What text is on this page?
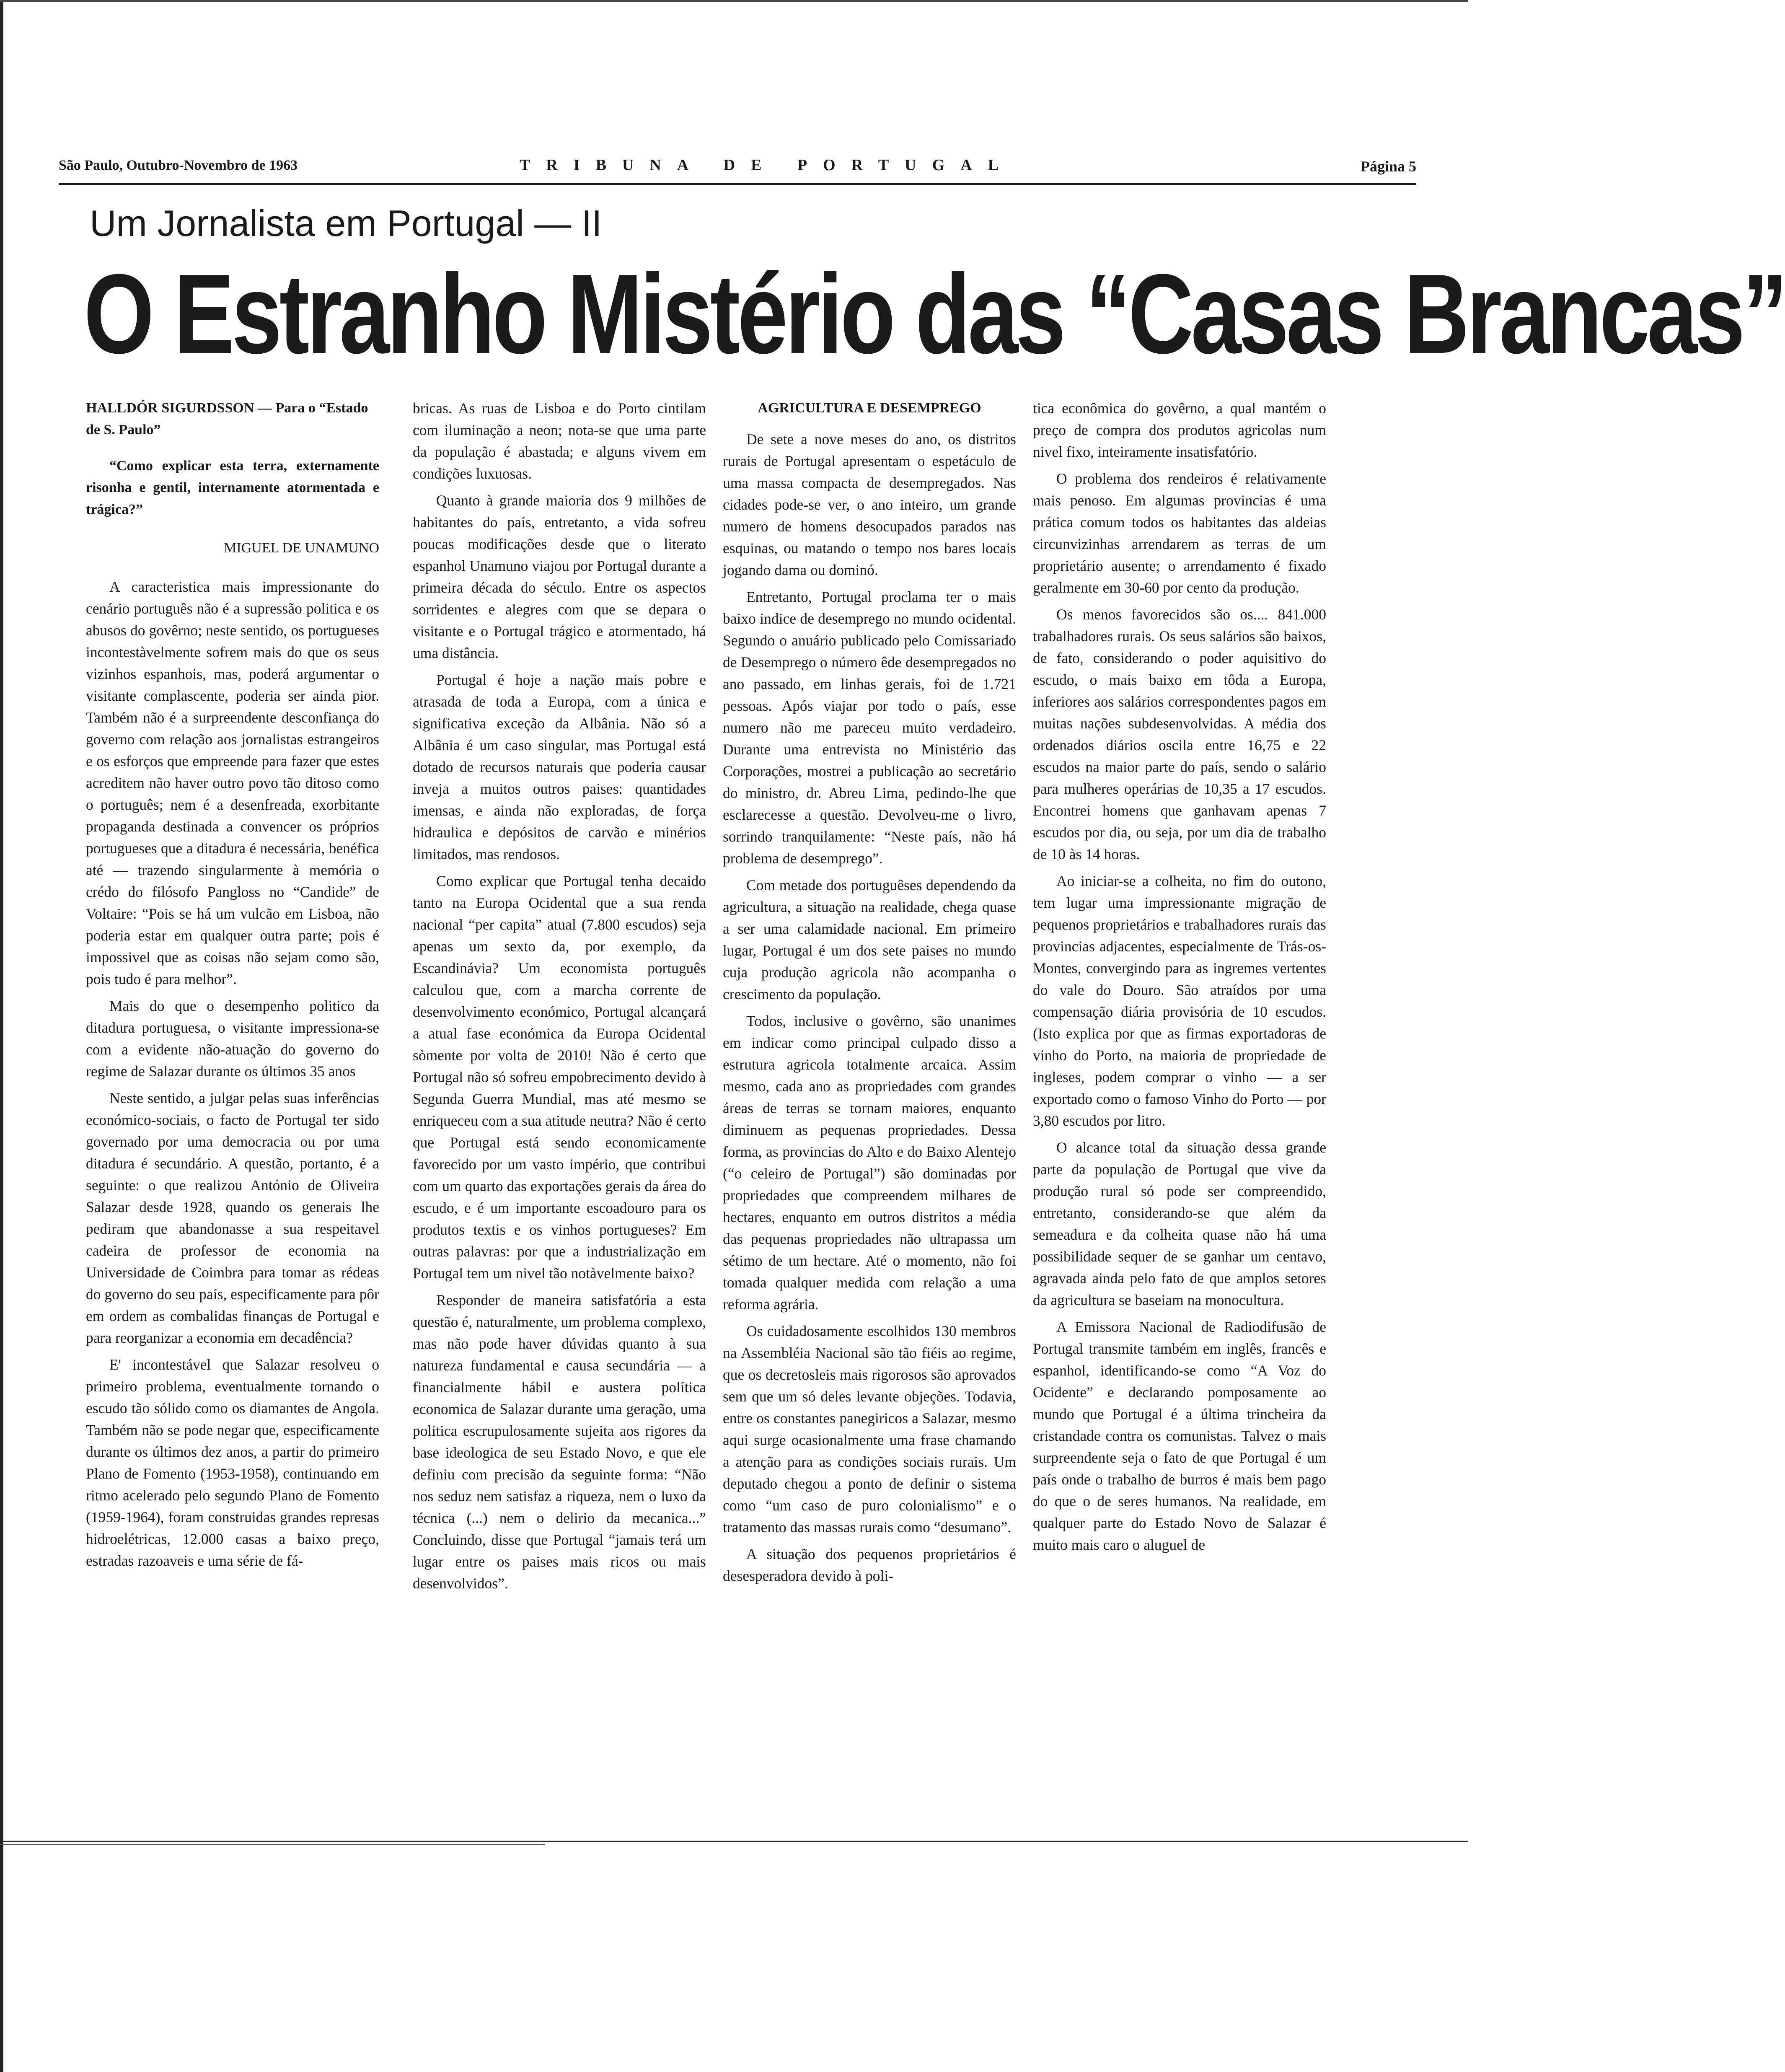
São Paulo, Outubro-Novembro de 1963	TRIBUNA DE PORTUGAL	Página 5
Um Jornalista em Portugal — II
O Estranho Mistério das “Casas Brancas”

HALLDÓR SIGURDSSON — Para o “Estado de S. Paulo”

“Como explicar esta terra, externamente risonha e gentil, internamente atormentada e trágica?”

MIGUEL DE UNAMUNO

A caracteristica mais impressionante do cenário português não é a supressão politica e os abusos do govêrno; neste sentido, os portugueses incontestàvelmente sofrem mais do que os seus vizinhos espanhois, mas, poderá argumentar o visitante complascente, poderia ser ainda pior. Também não é a surpreendente desconfiança do governo com relação aos jornalistas estrangeiros e os esforços que empreende para fazer que estes acreditem não haver outro povo tão ditoso como o português; nem é a desenfreada, exorbitante propaganda destinada a convencer os próprios portugueses que a ditadura é necessária, benéfica até — trazendo singularmente à memória o crédo do filósofo Pangloss no “Candide” de Voltaire: “Pois se há um vulcão em Lisboa, não poderia estar em qualquer outra parte; pois é impossivel que as coisas não sejam como são, pois tudo é para melhor”.

Mais do que o desempenho politico da ditadura portuguesa, o visitante impressiona-se com a evidente não-atuação do governo do regime de Salazar durante os últimos 35 anos

Neste sentido, a julgar pelas suas inferências económico-sociais, o facto de Portugal ter sido governado por uma democracia ou por uma ditadura é secundário. A questão, portanto, é a seguinte: o que realizou António de Oliveira Salazar desde 1928, quando os generais lhe pediram que abandonasse a sua respeitavel cadeira de professor de economia na Universidade de Coimbra para tomar as rédeas do governo do seu país, especificamente para pôr em ordem as combalidas finanças de Portugal e para reorganizar a economia em decadência?

E' incontestável que Salazar resolveu o primeiro problema, eventualmente tornando o escudo tão sólido como os diamantes de Angola. Também não se pode negar que, especificamente durante os últimos dez anos, a partir do primeiro Plano de Fomento (1953-1958), continuando em ritmo acelerado pelo segundo Plano de Fomento (1959-1964), foram construidas grandes represas hidroelétricas, 12.000 casas a baixo preço, estradas razoaveis e uma série de fá-

bricas. As ruas de Lisboa e do Porto cintilam com iluminação a neon; nota-se que uma parte da população é abastada; e alguns vivem em condições luxuosas.

Quanto à grande maioria dos 9 milhões de habitantes do país, entretanto, a vida sofreu poucas modificações desde que o literato espanhol Unamuno viajou por Portugal durante a primeira década do século. Entre os aspectos sorridentes e alegres com que se depara o visitante e o Portugal trágico e atormentado, há uma distância.

Portugal é hoje a nação mais pobre e atrasada de toda a Europa, com a única e significativa exceção da Albânia. Não só a Albânia é um caso singular, mas Portugal está dotado de recursos naturais que poderia causar inveja a muitos outros paises: quantidades imensas, e ainda não exploradas, de força hidraulica e depósitos de carvão e minérios limitados, mas rendosos.

Como explicar que Portugal tenha decaido tanto na Europa Ocidental que a sua renda nacional “per capita” atual (7.800 escudos) seja apenas um sexto da, por exemplo, da Escandinávia? Um economista português calculou que, com a marcha corrente de desenvolvimento económico, Portugal alcançará a atual fase económica da Europa Ocidental sòmente por volta de 2010! Não é certo que Portugal não só sofreu empobrecimento devido à Segunda Guerra Mundial, mas até mesmo se enriqueceu com a sua atitude neutra? Não é certo que Portugal está sendo economicamente favorecido por um vasto império, que contribui com um quarto das exportações gerais da área do escudo, e é um importante escoadouro para os produtos textis e os vinhos portugueses? Em outras palavras: por que a industrialização em Portugal tem um nivel tão notàvelmente baixo?

Responder de maneira satisfatória a esta questão é, naturalmente, um problema complexo, mas não pode haver dúvidas quanto à sua natureza fundamental e causa secundária — a financialmente hábil e austera política economica de Salazar durante uma geração, uma politica escrupulosamente sujeita aos rigores da base ideologica de seu Estado Novo, e que ele definiu com precisão da seguinte forma: “Não nos seduz nem satisfaz a riqueza, nem o luxo da técnica (...) nem o delirio da mecanica...” Concluindo, disse que Portugal “jamais terá um lugar entre os paises mais ricos ou mais desenvolvidos”.

AGRICULTURA E DESEMPREGO

De sete a nove meses do ano, os distritos rurais de Portugal apresentam o espetáculo de uma massa compacta de desempregados. Nas cidades pode-se ver, o ano inteiro, um grande numero de homens desocupados parados nas esquinas, ou matando o tempo nos bares locais jogando dama ou dominó.

Entretanto, Portugal proclama ter o mais baixo indice de desemprego no mundo ocidental. Segundo o anuário publicado pelo Comissariado de Desemprego o número êde desempregados no ano passado, em linhas gerais, foi de 1.721 pessoas. Após viajar por todo o país, esse numero não me pareceu muito verdadeiro. Durante uma entrevista no Ministério das Corporações, mostrei a publicação ao secretário do ministro, dr. Abreu Lima, pedindo-lhe que esclarecesse a questão. Devolveu-me o livro, sorrindo tranquilamente: “Neste país, não há problema de desemprego”.

Com metade dos portuguêses dependendo da agricultura, a situação na realidade, chega quase a ser uma calamidade nacional. Em primeiro lugar, Portugal é um dos sete paises no mundo cuja produção agricola não acompanha o crescimento da população.

Todos, inclusive o govêrno, são unanimes em indicar como principal culpado disso a estrutura agricola totalmente arcaica. Assim mesmo, cada ano as propriedades com grandes áreas de terras se tornam maiores, enquanto diminuem as pequenas propriedades. Dessa forma, as provincias do Alto e do Baixo Alentejo (“o celeiro de Portugal”) são dominadas por propriedades que compreendem milhares de hectares, enquanto em outros distritos a média das pequenas propriedades não ultrapassa um sétimo de um hectare. Até o momento, não foi tomada qualquer medida com relação a uma reforma agrária.

Os cuidadosamente escolhidos 130 membros na Assembléia Nacional são tão fiéis ao regime, que os decretosleis mais rigorosos são aprovados sem que um só deles levante objeções. Todavia, entre os constantes panegiricos a Salazar, mesmo aqui surge ocasionalmente uma frase chamando a atenção para as condições sociais rurais. Um deputado chegou a ponto de definir o sistema como “um caso de puro colonialismo” e o tratamento das massas rurais como “desumano”.

A situação dos pequenos proprietários é desesperadora devido à poli-

tica econômica do govêrno, a qual mantém o preço de compra dos produtos agricolas num nivel fixo, inteiramente insatisfatório.

O problema dos rendeiros é relativamente mais penoso. Em algumas provincias é uma prática comum todos os habitantes das aldeias circunvizinhas arrendarem as terras de um proprietário ausente; o arrendamento é fixado geralmente em 30-60 por cento da produção.

Os menos favorecidos são os.... 841.000 trabalhadores rurais. Os seus salários são baixos, de fato, considerando o poder aquisitivo do escudo, o mais baixo em tôda a Europa, inferiores aos salários correspondentes pagos em muitas nações subdesenvolvidas. A média dos ordenados diários oscila entre 16,75 e 22 escudos na maior parte do país, sendo o salário para mulheres operárias de 10,35 a 17 escudos. Encontrei homens que ganhavam apenas 7 escudos por dia, ou seja, por um dia de trabalho de 10 às 14 horas.

Ao iniciar-se a colheita, no fim do outono, tem lugar uma impressionante migração de pequenos proprietários e trabalhadores rurais das provincias adjacentes, especialmente de Trás-os-Montes, convergindo para as ingremes vertentes do vale do Douro. São atraídos por uma compensação diária provisória de 10 escudos. (Isto explica por que as firmas exportadoras de vinho do Porto, na maioria de propriedade de ingleses, podem comprar o vinho — a ser exportado como o famoso Vinho do Porto — por 3,80 escudos por litro.

O alcance total da situação dessa grande parte da população de Portugal que vive da produção rural só pode ser compreendido, entretanto, considerando-se que além da semeadura e da colheita quase não há uma possibilidade sequer de se ganhar um centavo, agravada ainda pelo fato de que amplos setores da agricultura se baseiam na monocultura.

A Emissora Nacional de Radiodifusão de Portugal transmite também em inglês, francês e espanhol, identificando-se como “A Voz do Ocidente” e declarando pomposamente ao mundo que Portugal é a última trincheira da cristandade contra os comunistas. Talvez o mais surpreendente seja o fato de que Portugal é um país onde o trabalho de burros é mais bem pago do que o de seres humanos. Na realidade, em qualquer parte do Estado Novo de Salazar é muito mais caro o aluguel de
